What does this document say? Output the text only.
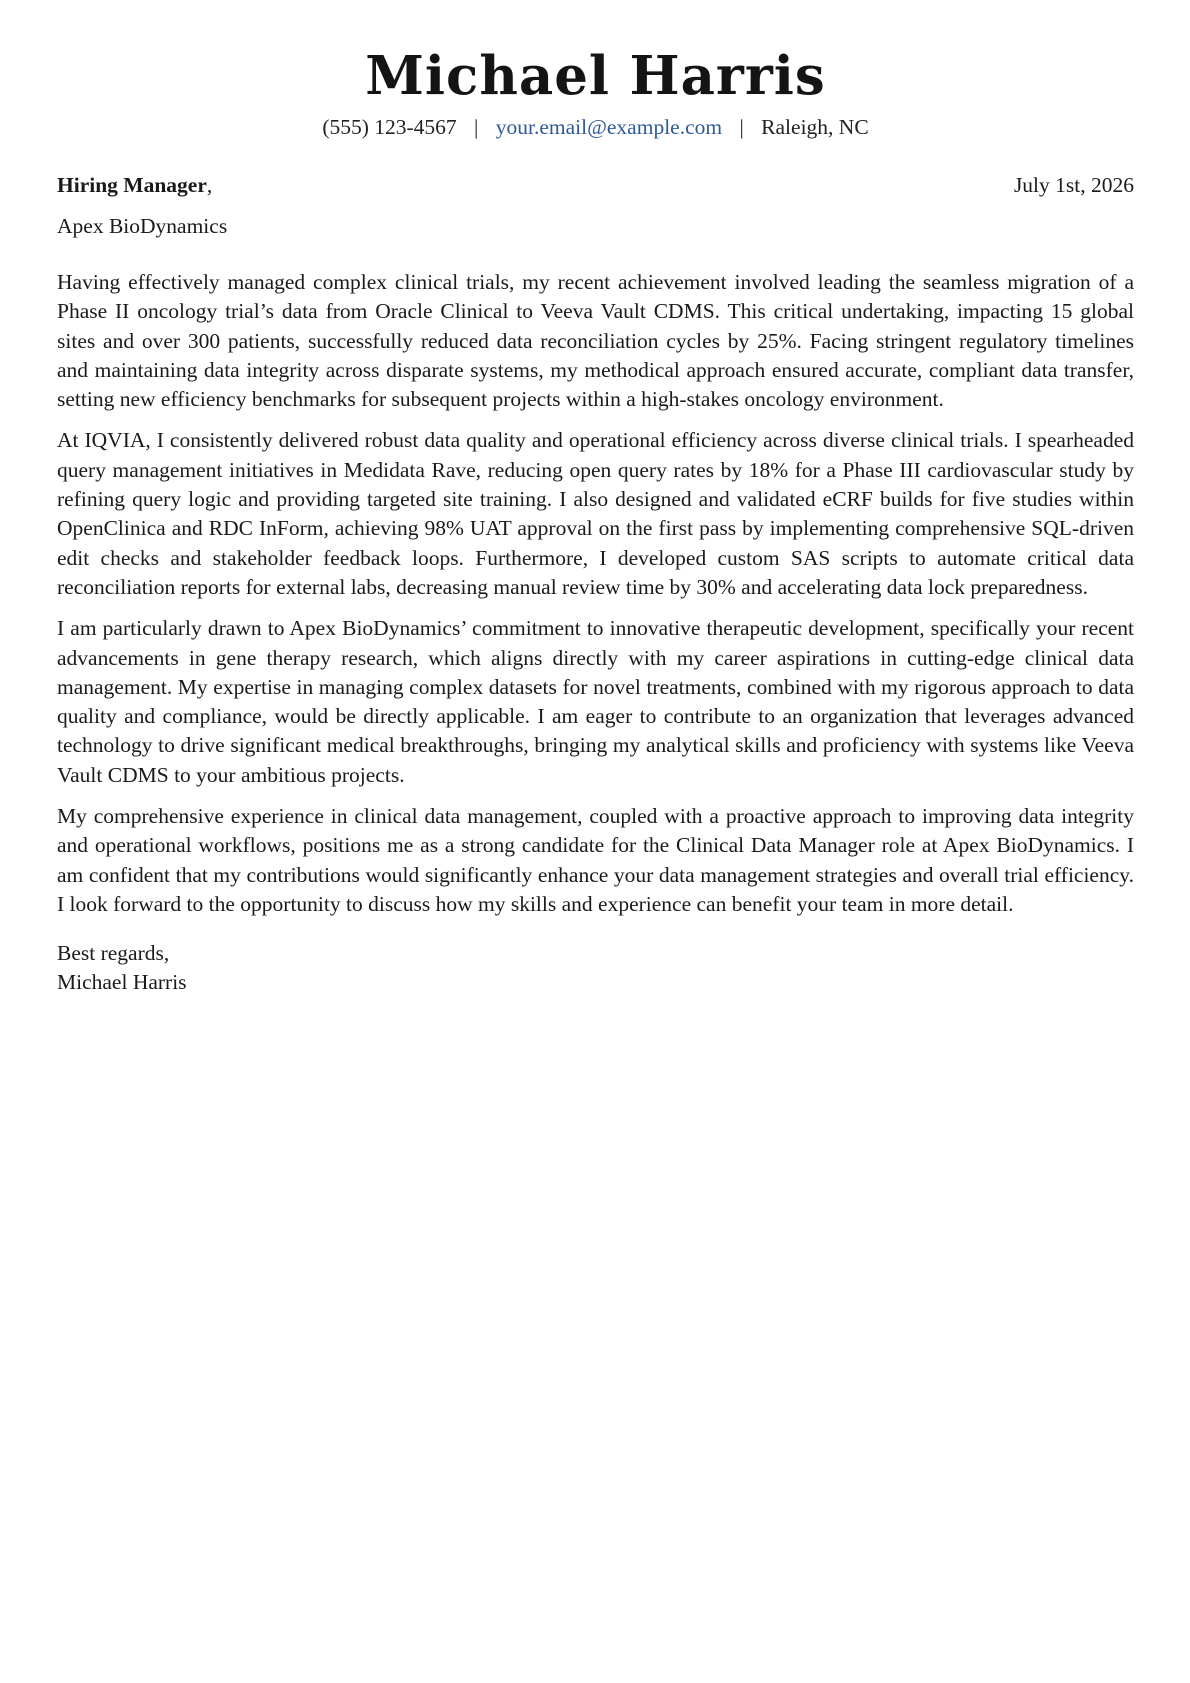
Michael Harris
(555) 123-4567 | your.email@example.com | Raleigh, NC
Hiring Manager,	July 1st, 2026
Apex BioDynamics

Having effectively managed complex clinical trials, my recent achievement involved leading the seamless migration of a Phase II oncology trial’s data from Oracle Clinical to Veeva Vault CDMS. This critical undertaking, impacting 15 global sites and over 300 patients, successfully reduced data reconciliation cycles by 25%. Facing stringent regulatory timelines and maintaining data integrity across disparate systems, my methodical approach ensured accurate, compliant data transfer, setting new efficiency benchmarks for subsequent projects within a high-stakes oncology environment.

At IQVIA, I consistently delivered robust data quality and operational efficiency across diverse clinical trials. I spearheaded query management initiatives in Medidata Rave, reducing open query rates by 18% for a Phase III cardiovascular study by refining query logic and providing targeted site training. I also designed and validated eCRF builds for five studies within OpenClinica and RDC InForm, achieving 98% UAT approval on the first pass by implementing comprehensive SQL-driven edit checks and stakeholder feedback loops. Furthermore, I developed custom SAS scripts to automate critical data reconciliation reports for external labs, decreasing manual review time by 30% and accelerating data lock preparedness.

I am particularly drawn to Apex BioDynamics’ commitment to innovative therapeutic development, specifically your recent advancements in gene therapy research, which aligns directly with my career aspirations in cutting-edge clinical data management. My expertise in managing complex datasets for novel treatments, combined with my rigorous approach to data quality and compliance, would be directly applicable. I am eager to contribute to an organization that leverages advanced technology to drive significant medical breakthroughs, bringing my analytical skills and proficiency with systems like Veeva Vault CDMS to your ambitious projects.

My comprehensive experience in clinical data management, coupled with a proactive approach to improving data integrity and operational workflows, positions me as a strong candidate for the Clinical Data Manager role at Apex BioDynamics. I am confident that my contributions would significantly enhance your data management strategies and overall trial efficiency. I look forward to the opportunity to discuss how my skills and experience can benefit your team in more detail.

Best regards,
Michael Harris
